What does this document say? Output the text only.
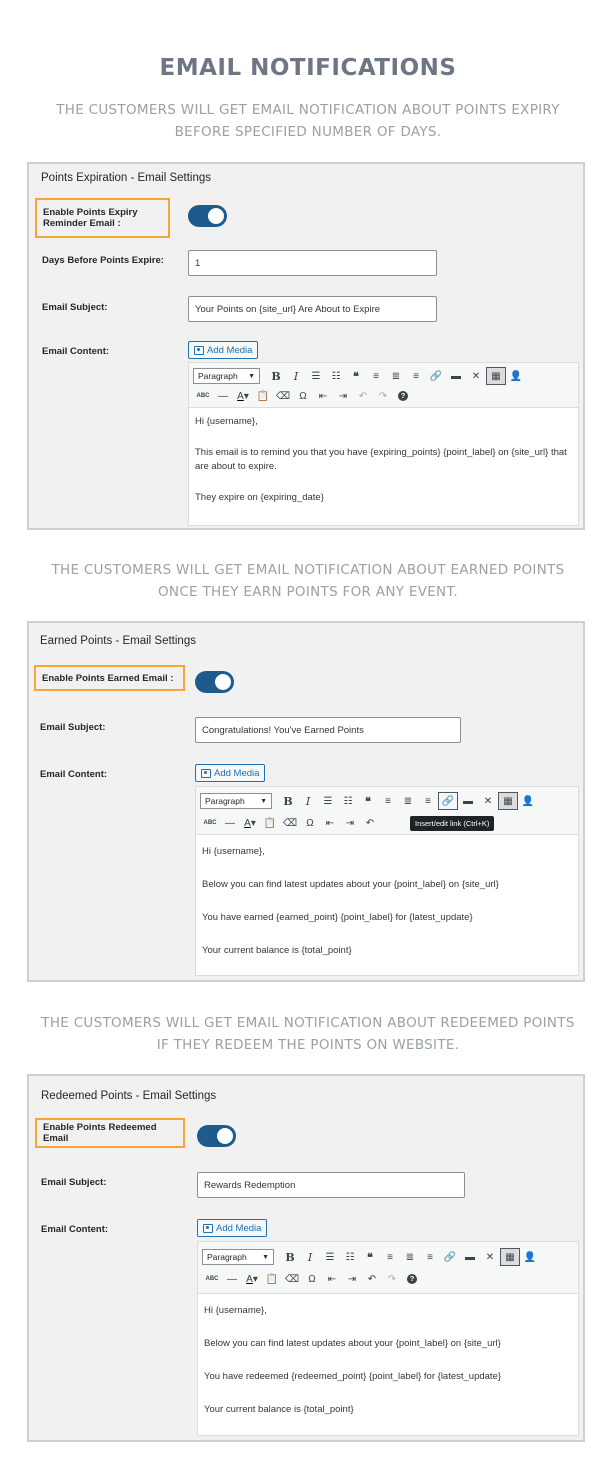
EMAIL NOTIFICATIONS
THE CUSTOMERS WILL GET EMAIL NOTIFICATION ABOUT POINTS EXPIRY
BEFORE SPECIFIED NUMBER OF DAYS.
Points Expiration - Email Settings
Enable Points Expiry Reminder Email :
Days Before Points Expire:	1
Email Subject:	Your Points on {site_url} Are About to Expire
Email Content:	Add Media
Paragraph ▼ B I	☰	☷	❝	≡	≣	≡	🔗 ▬	✕	▦ 👤
ABC — A ▾ 📋 ⌫ Ω	⇤	⇥	↶ ↷	?

Hi {username},

This email is to remind you that you have {expiring_points} {point_label} on {site_url} that are about to expire.

They expire on {expiring_date}

THE CUSTOMERS WILL GET EMAIL NOTIFICATION ABOUT EARNED POINTS
ONCE THEY EARN POINTS FOR ANY EVENT.
Earned Points - Email Settings
Enable Points Earned Email :
Email Subject:	Congratulations! You've Earned Points
Email Content:	Add Media
Paragraph ▼ B I	☰	☷	❝	≡	≣	≡	🔗 ▬	✕	▦ 👤
ABC — A ▾ 📋 ⌫ Ω	⇤	⇥	↶	Insert/edit link (Ctrl+K)

Hi {username},

Below you can find latest updates about your {point_label} on {site_url}

You have earned {earned_point} {point_label} for {latest_update}

Your current balance is {total_point}

THE CUSTOMERS WILL GET EMAIL NOTIFICATION ABOUT REDEEMED POINTS
IF THEY REDEEM THE POINTS ON WEBSITE.
Redeemed Points - Email Settings
Enable Points Redeemed Email
Email Subject:	Rewards Redemption
Email Content:	Add Media
Paragraph ▼ B I	☰	☷	❝	≡	≣	≡	🔗 ▬	✕	▦ 👤
ABC — A ▾ 📋 ⌫ Ω	⇤	⇥	↶	↷	?

Hi {username},

Below you can find latest updates about your {point_label} on {site_url}

You have redeemed {redeemed_point} {point_label} for {latest_update}

Your current balance is {total_point}
